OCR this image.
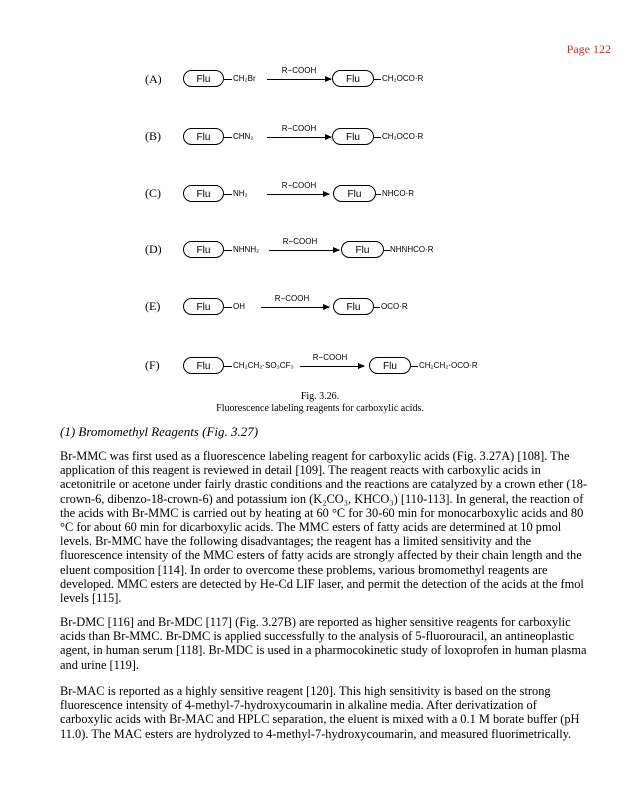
Page 122
(A)	Flu	CH₂Br
R−COOH
→	Flu	CH₂OCO·R
(B)	Flu	CHN₂
R−COOH
→	Flu	CH₂OCO·R
(C)	Flu	NH₂
R−COOH
→	Flu	NHCO·R
(D)	Flu	NHNH₂
R−COOH
Flu	NHNHCO·R
(E)	Flu	OH
R−COOH
Flu	OCO·R
(F)	Flu	CH₂CH₂·SO₃CF₃
R−COOH
→	Flu	CH₂CH₂·OCO·R
Fig. 3.26.
Fluorescence labeling reagents for carboxylic acids.
(1) Bromomethyl Reagents (Fig. 3.27)

Br-MMC was first used as a fluorescence labeling reagent for carboxylic acids (Fig. 3.27A) [108]. The application of this reagent is reviewed in detail [109]. The reagent reacts with carboxylic acids in acetonitrile or acetone under fairly drastic conditions and the reactions are catalyzed by a crown ether (18-crown-6, dibenzo-18-crown-6) and potassium ion (K₂CO₃, KHCO₃) [110-113]. In general, the reaction of the acids with Br-MMC is carried out by heating at 60 °C for 30-60 min for monocarboxylic acids and 80 °C for about 60 min for dicarboxylic acids. The MMC esters of fatty acids are determined at 10 pmol levels. Br-MMC have the following disadvantages; the reagent has a limited sensitivity and the fluorescence intensity of the MMC esters of fatty acids are strongly affected by their chain length and the eluent composition [114]. In order to overcome these problems, various bromomethyl reagents are developed. MMC esters are detected by He-Cd LIF laser, and permit the detection of the acids at the fmol levels [115].

Br-DMC [116] and Br-MDC [117] (Fig. 3.27B) are reported as higher sensitive reagents for carboxylic acids than Br-MMC. Br-DMC is applied successfully to the analysis of 5-fluorouracil, an antineoplastic agent, in human serum [118]. Br-MDC is used in a pharmocokinetic study of loxoprofen in human plasma and urine [119].

Br-MAC is reported as a highly sensitive reagent [120]. This high sensitivity is based on the strong fluorescence intensity of 4-methyl-7-hydroxycoumarin in alkaline media. After derivatization of carboxylic acids with Br-MAC and HPLC separation, the eluent is mixed with a 0.1 M borate buffer (pH 11.0). The MAC esters are hydrolyzed to 4-methyl-7-hydroxycoumarin, and measured fluorimetrically.
